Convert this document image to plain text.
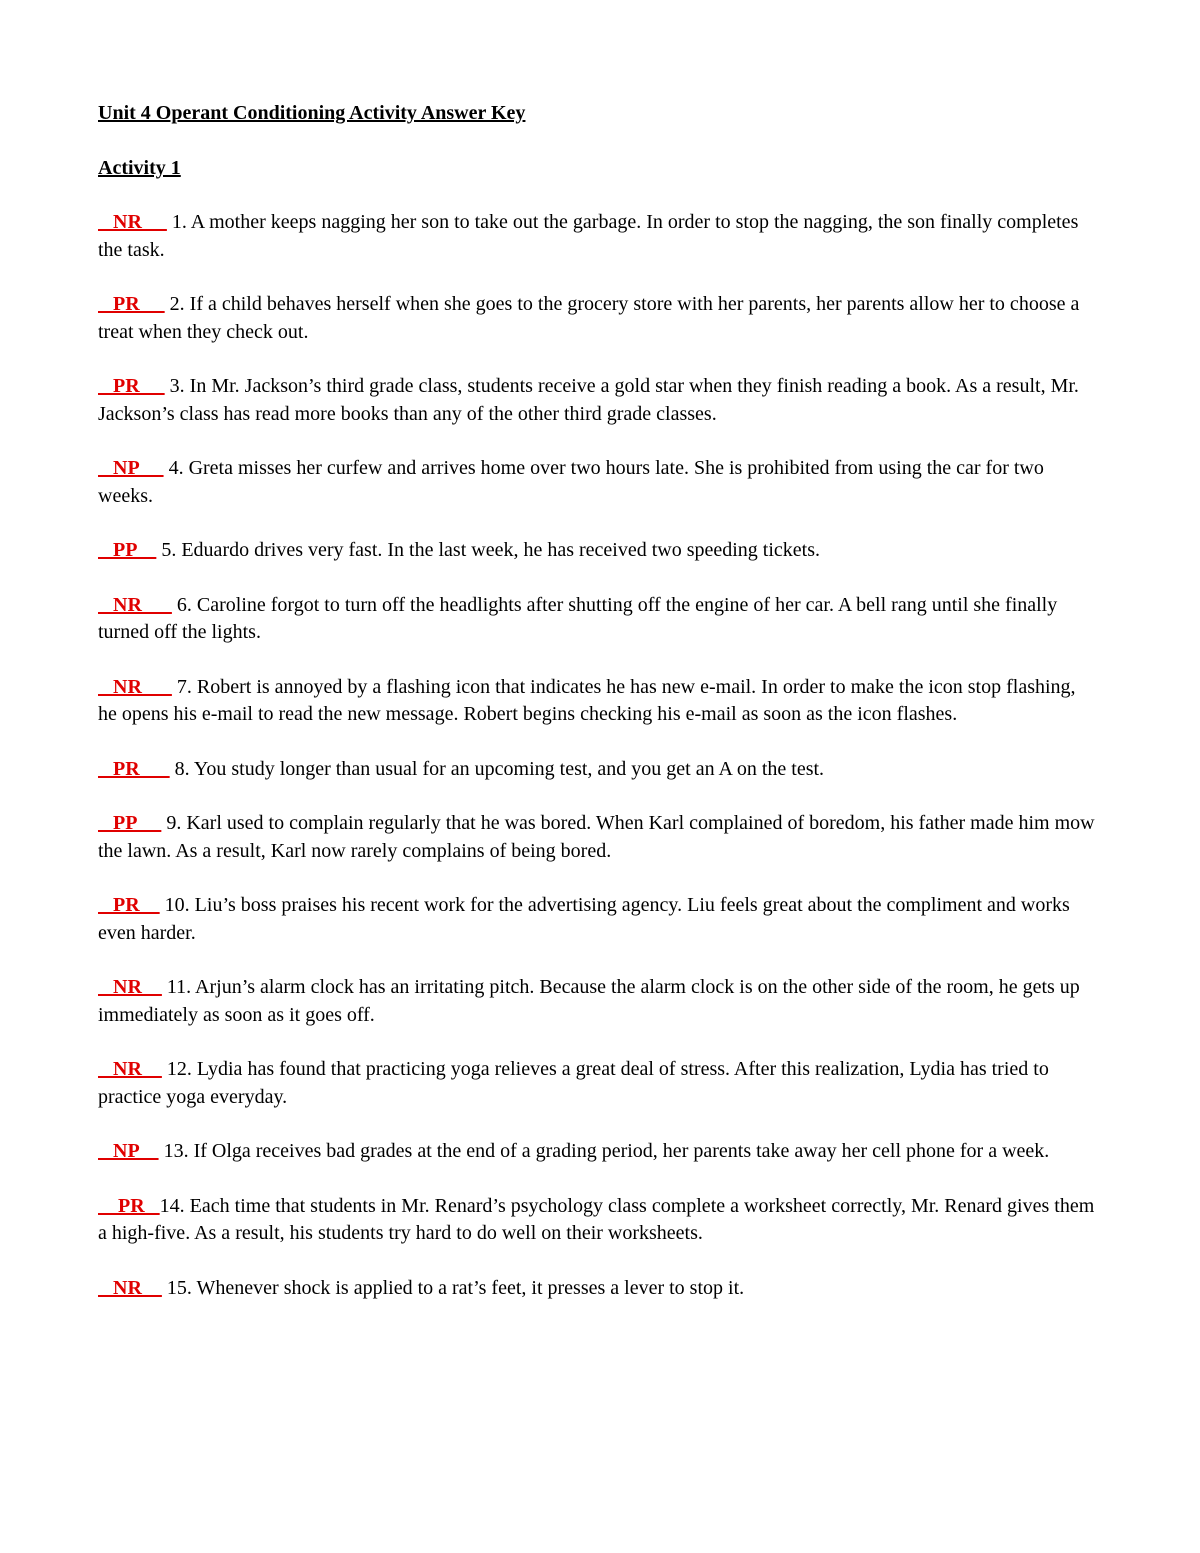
Unit 4 Operant Conditioning Activity Answer Key
Activity 1
NR      1. A mother keeps nagging her son to take out the garbage. In order to stop the nagging, the son finally completes the task.
PR      2. If a child behaves herself when she goes to the grocery store with her parents, her parents allow her to choose a treat when they check out.
PR      3. In Mr. Jackson’s third grade class, students receive a gold star when they finish reading a book. As a result, Mr. Jackson’s class has read more books than any of the other third grade classes.
NP      4. Greta misses her curfew and arrives home over two hours late. She is prohibited from using the car for two weeks.
PP     5. Eduardo drives very fast. In the last week, he has received two speeding tickets.
NR       6. Caroline forgot to turn off the headlights after shutting off the engine of her car. A bell rang until she finally turned off the lights.
NR       7. Robert is annoyed by a flashing icon that indicates he has new e-mail. In order to make the icon stop flashing, he opens his e-mail to read the new message. Robert begins checking his e-mail as soon as the icon flashes.
PR       8. You study longer than usual for an upcoming test, and you get an A on the test.
PP      9. Karl used to complain regularly that he was bored. When Karl complained of boredom, his father made him mow the lawn. As a result, Karl now rarely complains of being bored.
PR     10. Liu’s boss praises his recent work for the advertising agency. Liu feels great about the compliment and works even harder.
NR     11. Arjun’s alarm clock has an irritating pitch. Because the alarm clock is on the other side of the room, he gets up immediately as soon as it goes off.
NR     12. Lydia has found that practicing yoga relieves a great deal of stress. After this realization, Lydia has tried to practice yoga everyday.
NP     13. If Olga receives bad grades at the end of a grading period, her parents take away her cell phone for a week.
PR   14. Each time that students in Mr. Renard’s psychology class complete a worksheet correctly, Mr. Renard gives them a high-five. As a result, his students try hard to do well on their worksheets.
NR     15. Whenever shock is applied to a rat’s feet, it presses a lever to stop it.
